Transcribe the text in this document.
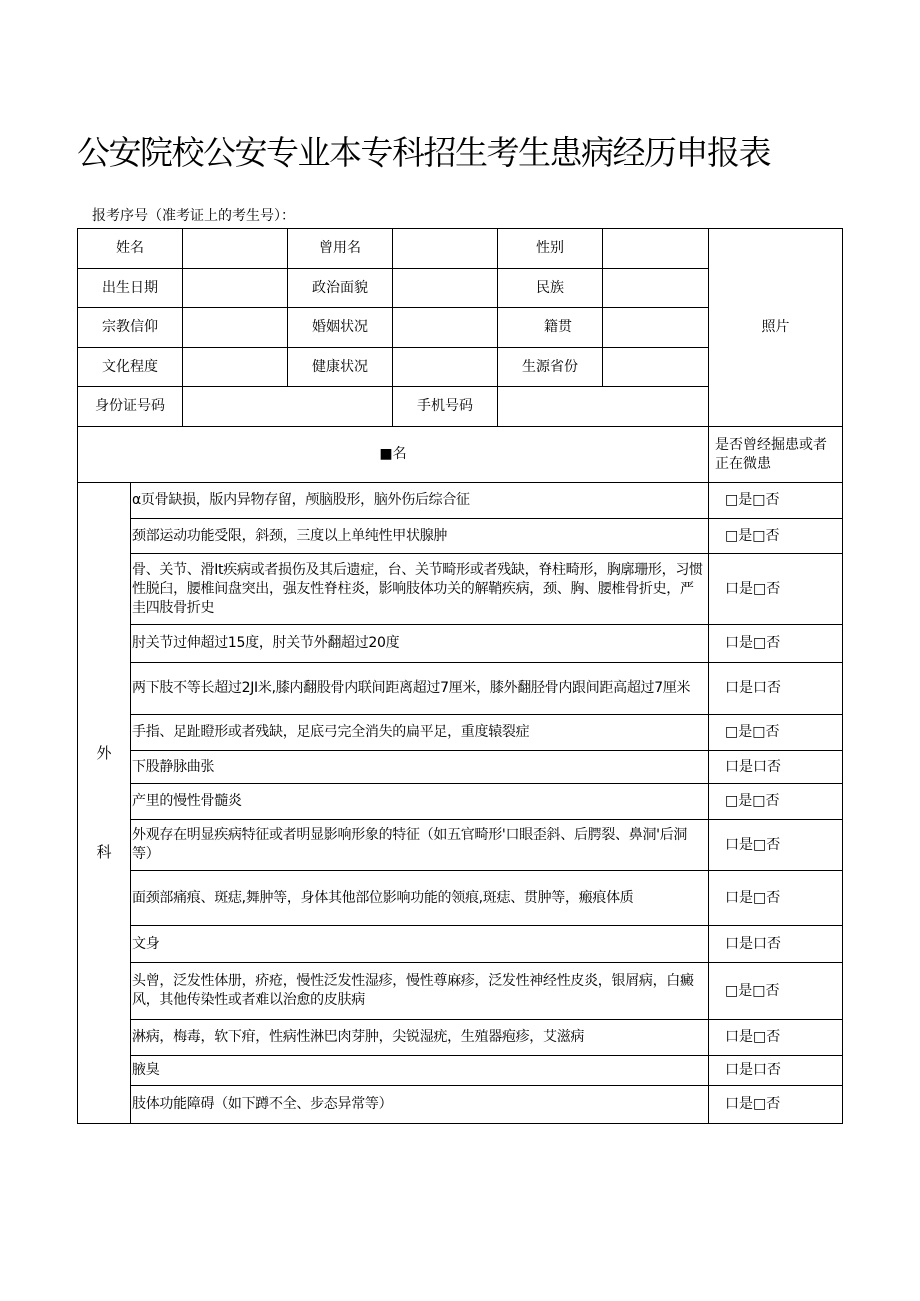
公安院校公安专业本专科招生考生患病经历申报表
报考序号（准考证上的考生号）：
姓名		曾用名		性别		照片
出生日期		政治面貌		民族		
宗教信仰		婚姻状况		籍贯		
文化程度		健康状况		生源省份		
身份证号码			手机号码			
■名						是否曾经掘患或者正在微患

外
科	α页骨缺损，版内异物存留，颅脑股形，脑外伤后综合征					□是□否
	颈部运动功能受限，斜颈，三度以上单纯性甲状腺肿					□是□否
	骨、关节、滑It疾病或者损伤及其后遗症，台、关节畸形或者残缺，脊柱畸形，胸廓珊形，习惯性脱臼，腰椎间盘突出，强友性脊柱炎，影响肢体功关的解鞘疾病，颈、胸、腰椎骨折史，严圭四肢骨折史					口是□否
	肘关节过伸超过15度，肘关节外翻超过20度					口是□否
	两下肢不等长超过2JI米,膝内翻股骨内联间距离超过7厘米，膝外翻胫骨内跟间距高超过7厘米					口是口否
	手指、足趾瞪形或者残缺，足底弓完全消失的扁平足，重度辕裂症					□是□否
	下股静脉曲张					口是口否
	产里的慢性骨髓炎					□是□否
	外观存在明显疾病特征或者明显影响形象的特征（如五官畸形'口眼歪斜、后腭裂、鼻洞'后洞等）					口是□否
	面颈部痛痕、斑痣,舞肿等，身体其他部位影响功能的领痕,斑痣、贯肿等，瘢痕体质					口是□否
	文身					口是口否
	头曾，泛发性体册，疥疮，慢性泛发性湿疹，慢性尊麻疹，泛发性神经性皮炎，银屑病，白癜风，其他传染性或者难以治愈的皮肤病					□是□否
	淋病，梅毒，软下疳，性病性淋巴肉芽肿，尖锐湿疣，生殖器疱疹，艾滋病					口是□否
	腋臭					口是口否
	肢体功能障碍（如下蹲不全、步态异常等）					口是□否
